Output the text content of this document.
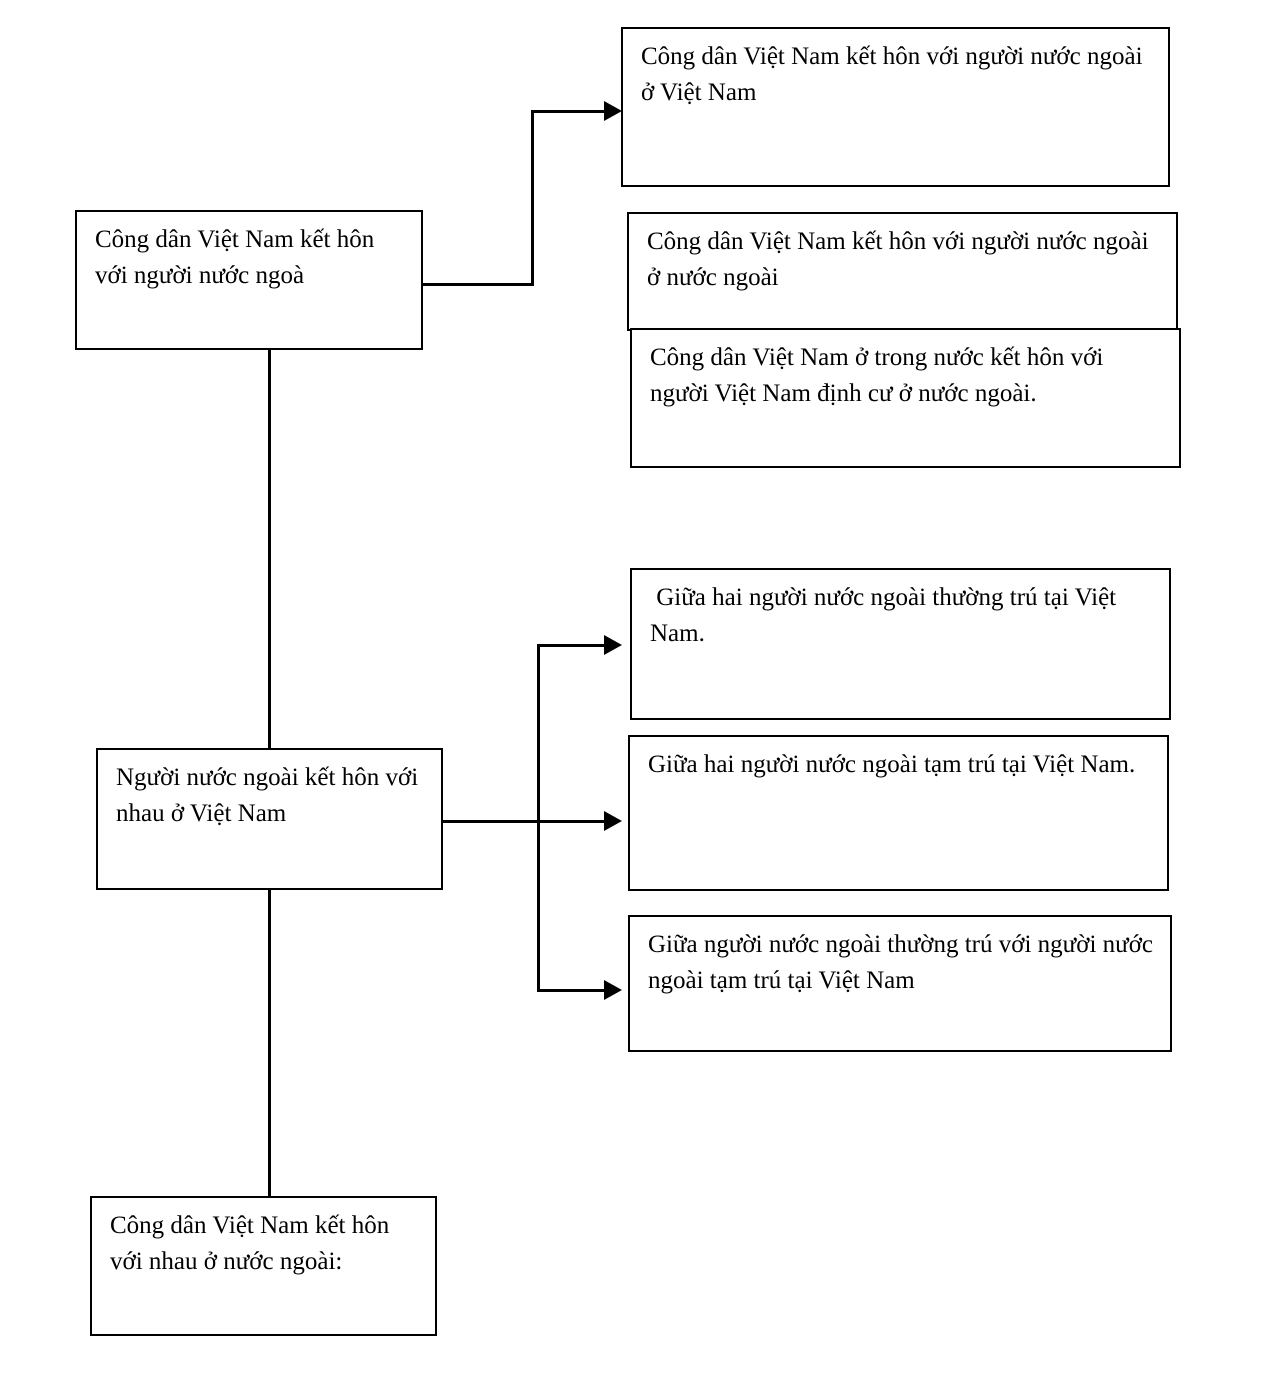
Công dân Việt Nam kết hôn với người nước ngoài ở Việt Nam
Công dân Việt Nam kết hôn với người nước ngoài ở nước ngoài
Công dân Việt Nam ở trong nước kết hôn với người Việt Nam định cư ở nước ngoài.
Giữa hai người nước ngoài thường trú tại Việt Nam.
Giữa hai người nước ngoài tạm trú tại Việt Nam.
Giữa người nước ngoài thường trú với người nước ngoài tạm trú tại Việt Nam
Công dân Việt Nam kết hôn với người nước ngoà
Người nước ngoài kết hôn với nhau ở Việt Nam
Công dân Việt Nam kết hôn với nhau ở nước ngoài:
